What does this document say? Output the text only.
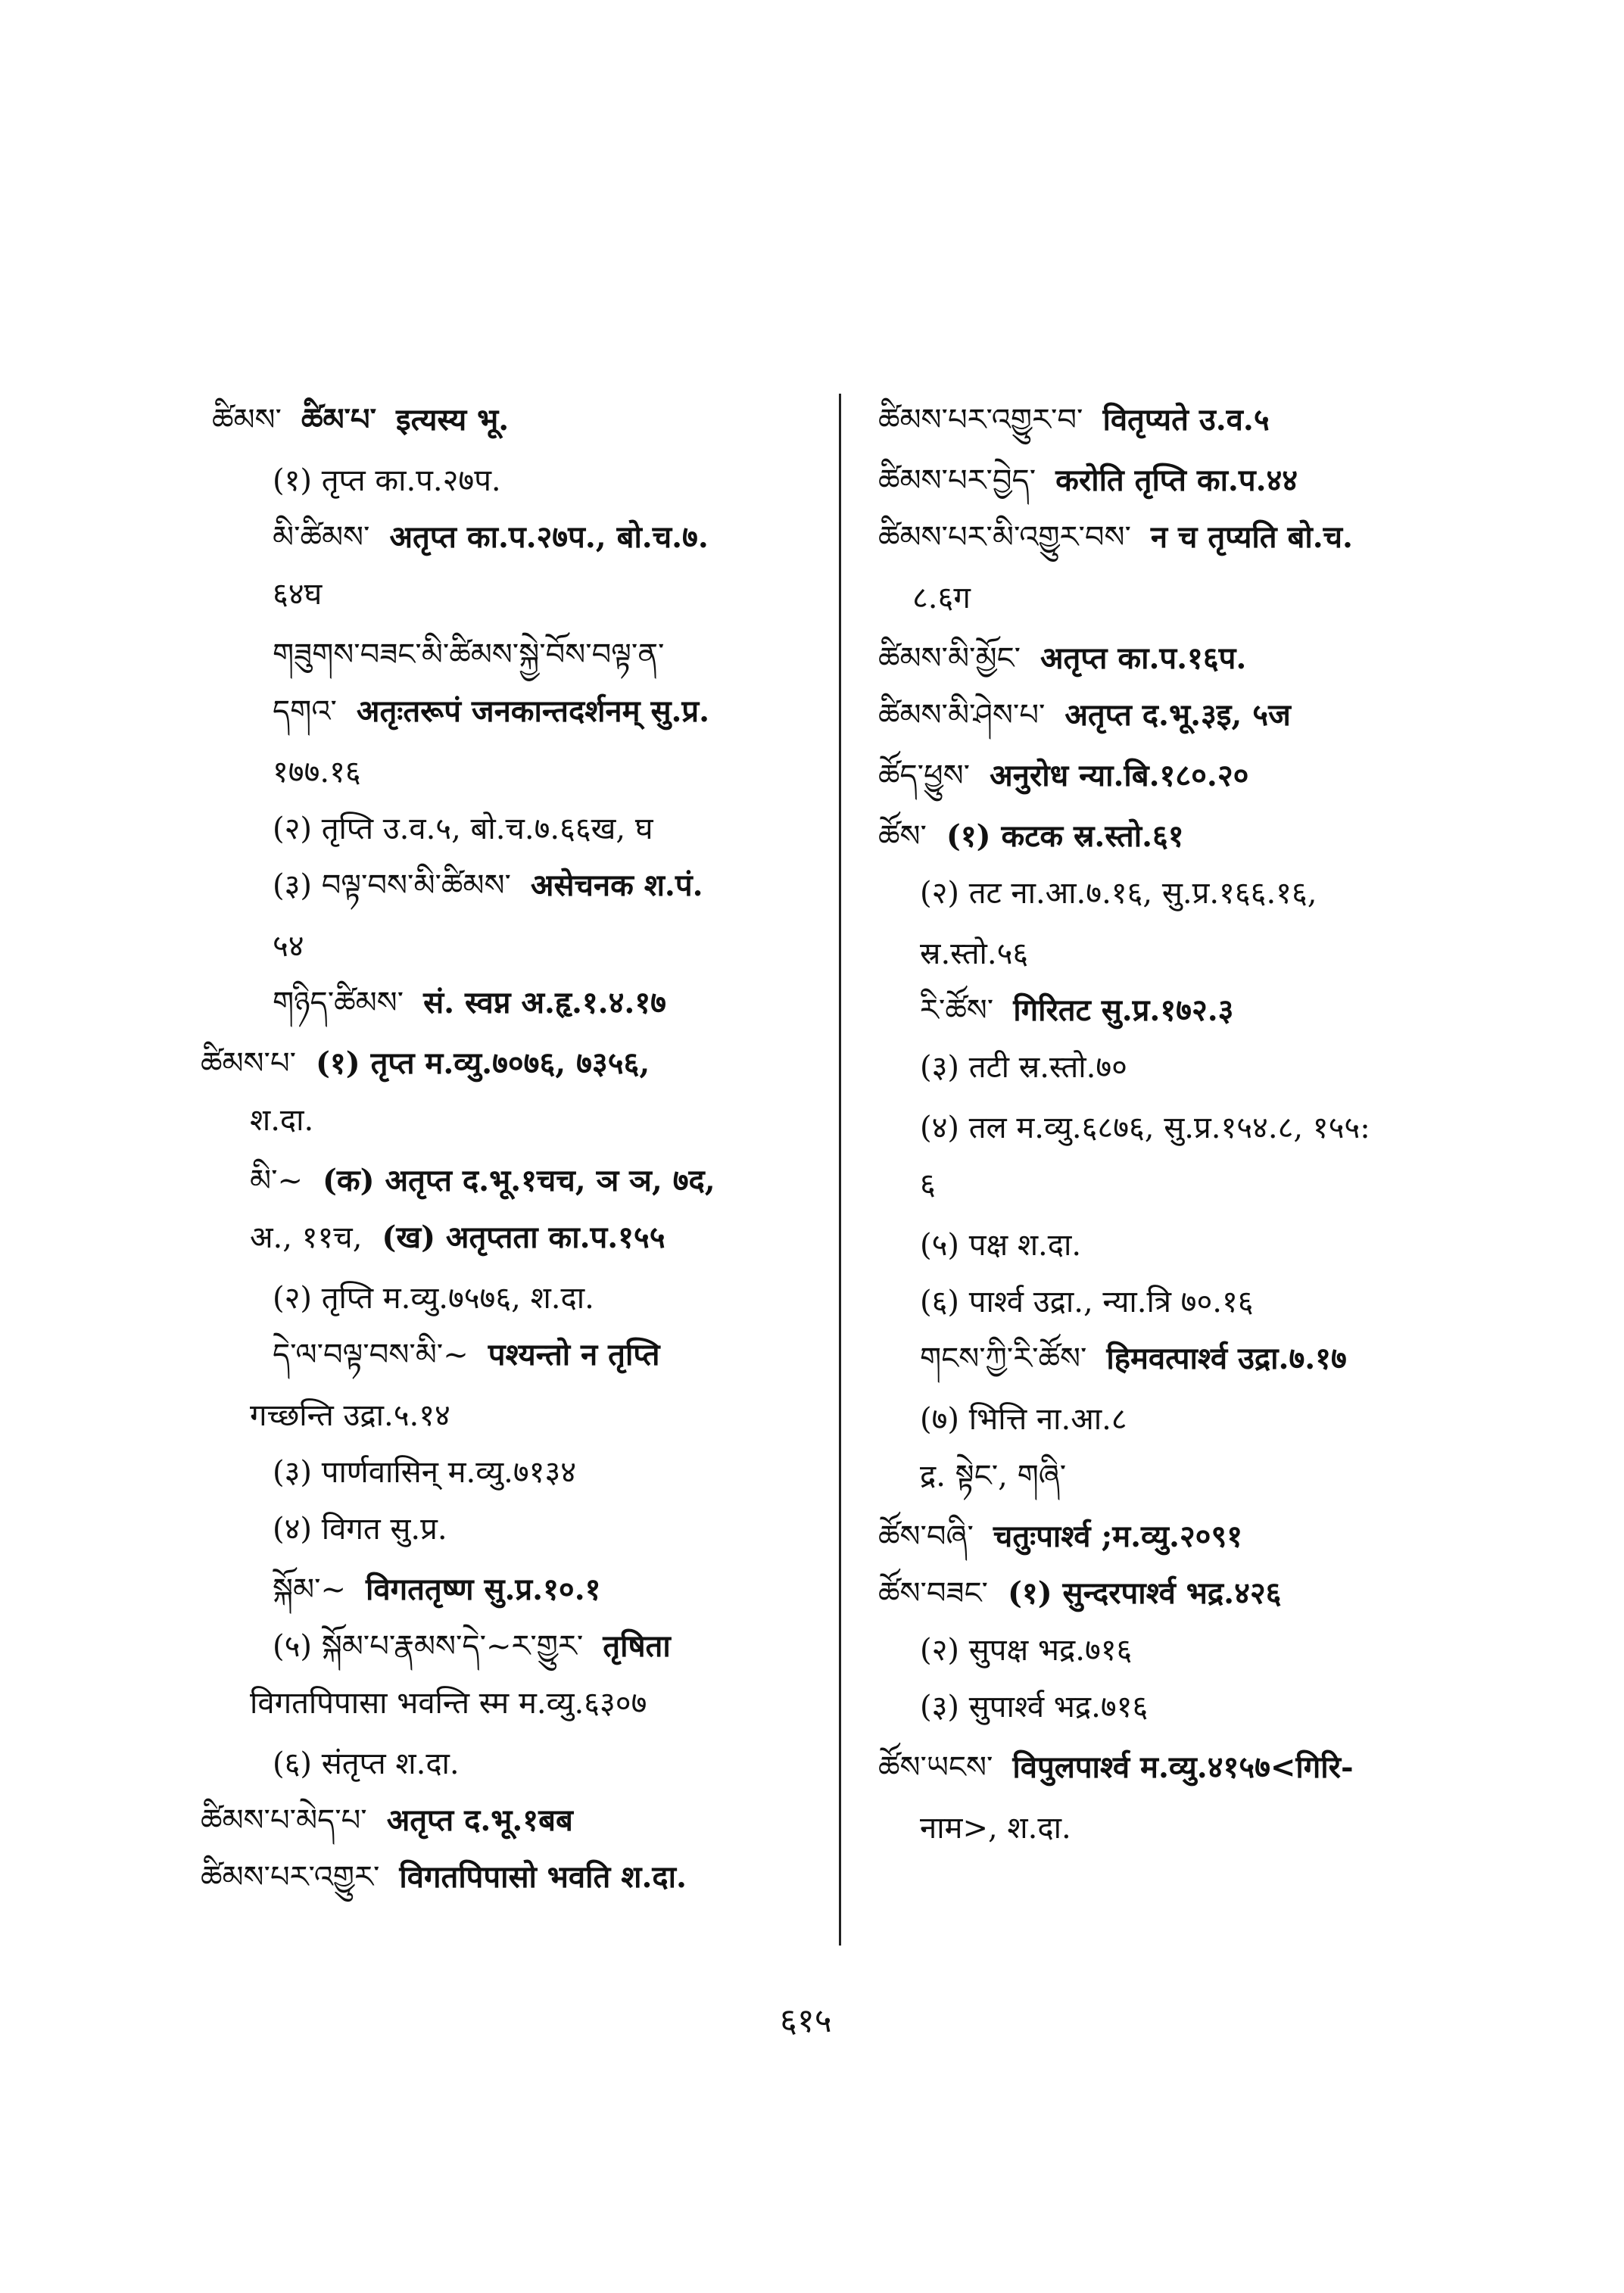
ཚིམས་ ཚིམ་པ་ इत्यस्य भू.
(१) तृप्त का.प.२७प.
མི་ཚིམས་ अतृप्त का.प.२७प., बो.च.७.
६४घ
གཟུགས་བཟང་མི་ཚིམས་སྐྱེ་བོས་བལྟ་ན་
དགའ་ अतृःतरूपं जनकान्तदर्शनम् सु.प्र.
१७७.१६
(२) तृप्ति उ.व.५, बो.च.७.६६ख, घ
(३) བལྟ་བས་མི་ཚིམས་ असेचनक श.पं.
५४
གཉིད་ཚིམས་ सं. स्वप्न अ.हृ.१.४.१७
ཚིམས་པ་ (१) तृप्त म.व्यु.७०७६, ७३५६,
श.दा.
མི་~ (क) अतृप्त द.भू.१चच, ञ ञ, ७द,
अ., ११च, (ख) अतृप्तता का.प.१५५
(२) तृप्ति म.व्यु.७५७६, श.दा.
དེ་ལ་བལྟ་བས་མི་~ पश्यन्तो न तृप्ति
गच्छन्ति उद्रा.५.१४
(३) पार्णवासिन् म.व्यु.७१३४
(४) विगत सु.प्र.
སྐོམ་~ विगततृष्ण सु.प्र.१०.१
(५) སྐོམ་པ་རྣམས་དེ་~ར་གྱུར་ तृषिता
विगतपिपासा भवन्ति स्म म.व्यु.६३०७
(६) संतृप्त श.दा.
ཚིམས་པ་མེད་པ་ अतृप्त द.भू.१बब
ཚིམས་པར་འགྱུར་ विगतपिपासो भवति श.दा.
ཚིམས་པར་འགྱུར་བ་ वितृप्यते उ.व.५
ཚིམས་པར་བྱེད་ करोति तृप्ति का.प.४४
ཚིམས་པར་མི་འགྱུར་བས་ न च तृप्यति बो.च.
८.६ग
ཚིམས་མི་མྱོང་ अतृप्त का.प.१६प.
ཚིམས་མི་ཤེས་པ་ अतृप्त द.भू.३इ, ५ज
ཚོད་ཕྱུས་ अनुरोध न्या.बि.१८०.२०
ཚོས་ (१) कटक स्र.स्तो.६१
(२) तट ना.आ.७.१६, सु.प्र.१६६.१६,
स्र.स्तो.५६
རི་ཚོས་ गिरितट सु.प्र.१७२.३
(३) तटी स्र.स्तो.७०
(४) तल म.व्यु.६८७६, सु.प्र.१५४.८, १५५:
६
(५) पक्ष श.दा.
(६) पार्श्व उद्रा., न्या.त्रि ७०.१६
གངས་ཀྱི་རི་ཚོས་ हिमवत्पार्श्व उद्रा.७.१७
(७) भित्ति ना.आ.८
द्र. སྟེང་, གཞི་
ཚོས་བཞི་ चतुःपार्श्व ;म.व्यु.२०९१
ཚོས་བཟང་ (१) सुन्दरपार्श्व भद्र.४२६
(२) सुपक्ष भद्र.७१६
(३) सुपार्श्व भद्र.७१६
ཚོས་ཡངས་ विपुलपार्श्व म.व्यु.४१५७<गिरि-
नाम>, श.दा.
६१५
